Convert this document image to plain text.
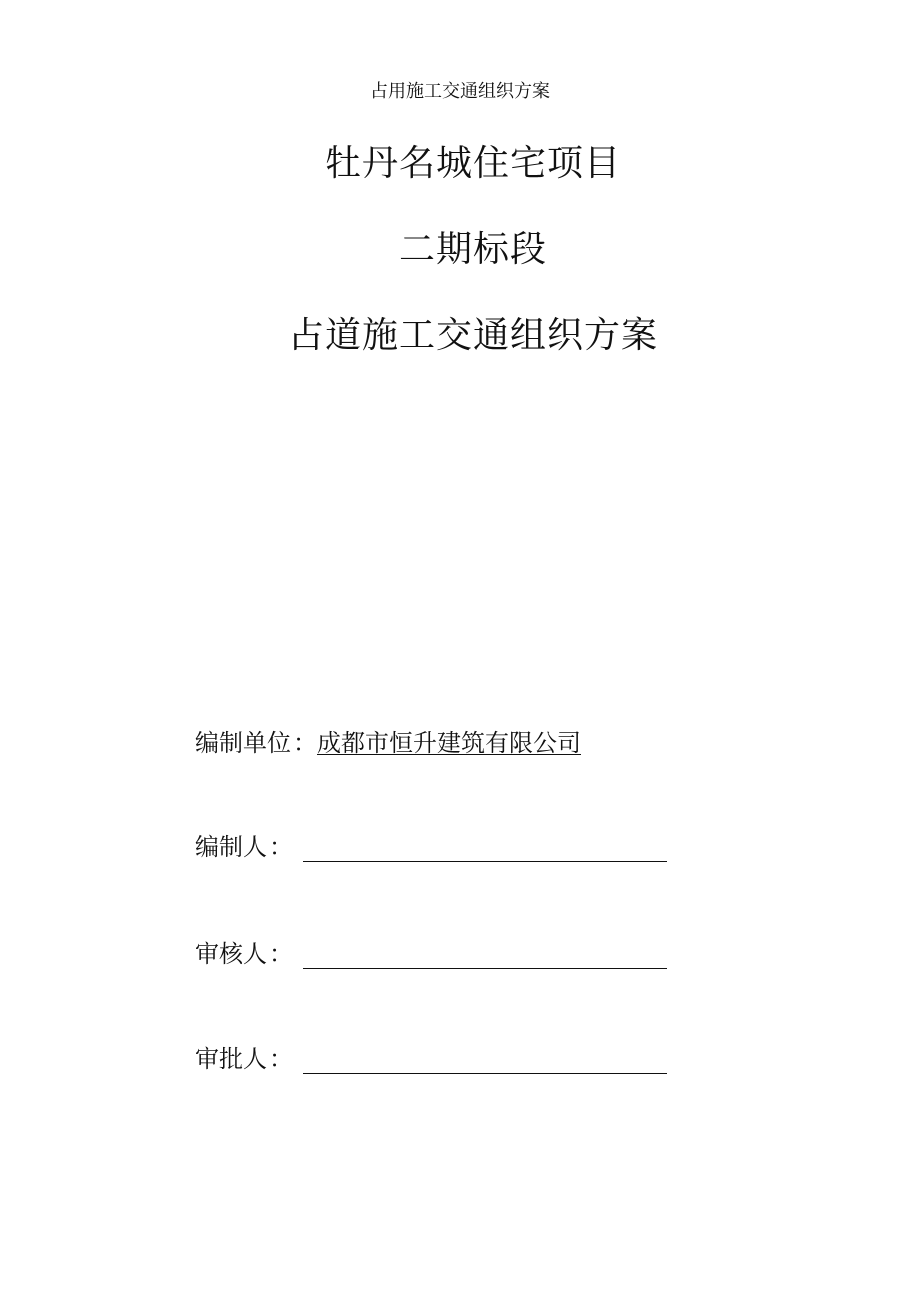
占用施工交通组织方案
牡丹名城住宅项目
二期标段
占道施工交通组织方案
编制单位 ： 成都市恒升建筑有限公司
编制人 ：
审核人 ：
审批人 ：
